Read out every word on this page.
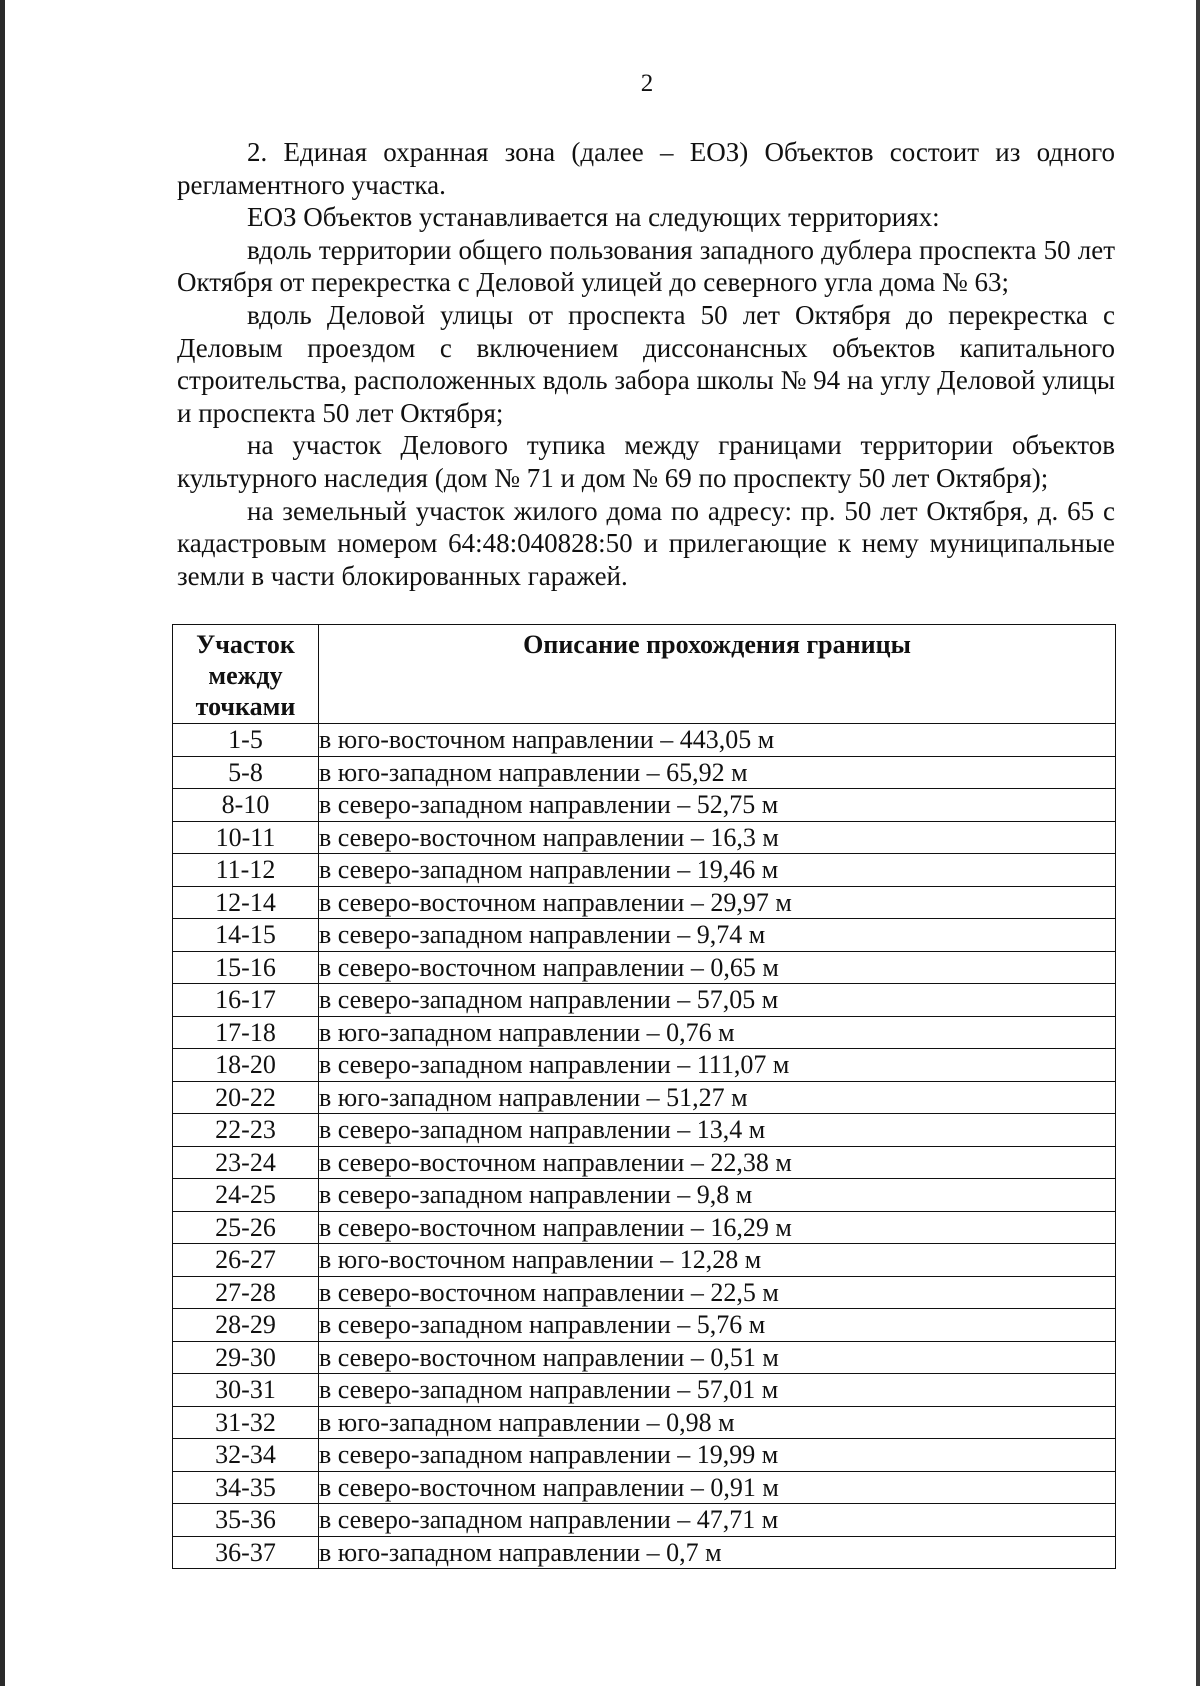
2

2. Единая охранная зона (далее – ЕОЗ) Объектов состоит из одного регламентного участка.

ЕОЗ Объектов устанавливается на следующих территориях:

вдоль территории общего пользования западного дублера проспекта 50 лет Октября от перекрестка с Деловой улицей до северного угла дома № 63;

вдоль Деловой улицы от проспекта 50 лет Октября до перекрестка с Деловым проездом с включением диссонансных объектов капитального строительства, расположенных вдоль забора школы № 94 на углу Деловой улицы и проспекта 50 лет Октября;

на участок Делового тупика между границами территории объектов культурного наследия (дом № 71 и дом № 69 по проспекту 50 лет Октября);

на земельный участок жилого дома по адресу: пр. 50 лет Октября, д. 65 с кадастровым номером 64:48:040828:50 и прилегающие к нему муниципальные земли в части блокированных гаражей.

Участок между точками	Описание прохождения границы
1-5	в юго-восточном направлении – 443,05 м
5-8	в юго-западном направлении – 65,92 м
8-10	в северо-западном направлении – 52,75 м
10-11	в северо-восточном направлении – 16,3 м
11-12	в северо-западном направлении – 19,46 м
12-14	в северо-восточном направлении – 29,97 м
14-15	в северо-западном направлении – 9,74 м
15-16	в северо-восточном направлении – 0,65 м
16-17	в северо-западном направлении – 57,05 м
17-18	в юго-западном направлении – 0,76 м
18-20	в северо-западном направлении – 111,07 м
20-22	в юго-западном направлении – 51,27 м
22-23	в северо-западном направлении – 13,4 м
23-24	в северо-восточном направлении – 22,38 м
24-25	в северо-западном направлении – 9,8 м
25-26	в северо-восточном направлении – 16,29 м
26-27	в юго-восточном направлении – 12,28 м
27-28	в северо-восточном направлении – 22,5 м
28-29	в северо-западном направлении – 5,76 м
29-30	в северо-восточном направлении – 0,51 м
30-31	в северо-западном направлении – 57,01 м
31-32	в юго-западном направлении – 0,98 м
32-34	в северо-западном направлении – 19,99 м
34-35	в северо-восточном направлении – 0,91 м
35-36	в северо-западном направлении – 47,71 м
36-37	в юго-западном направлении – 0,7 м
